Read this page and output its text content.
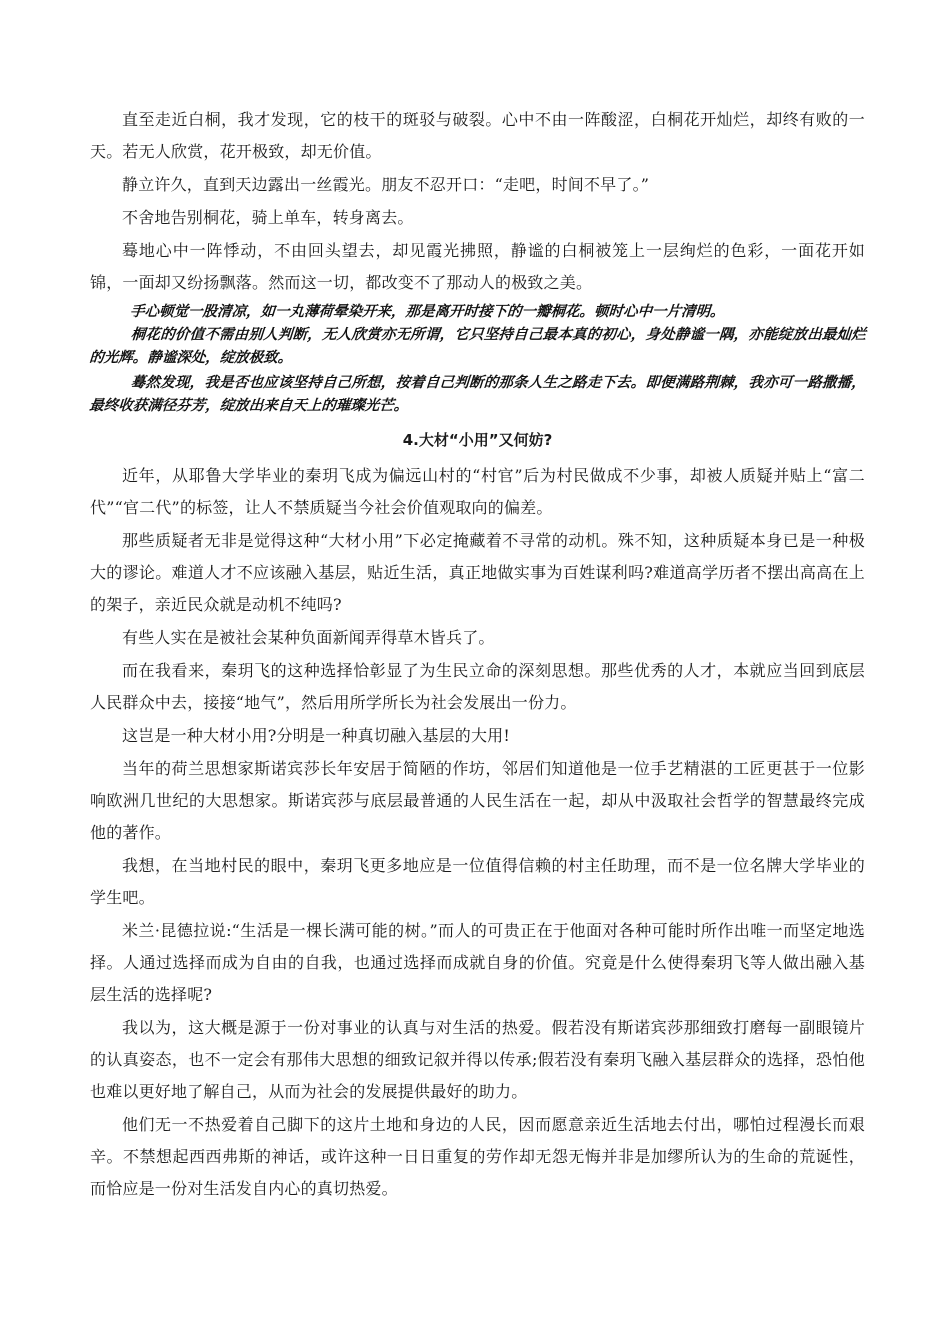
直至走近白桐，我才发现，它的枝干的斑驳与破裂。心中不由一阵酸涩，白桐花开灿烂，却终有败的一天。若无人欣赏，花开极致，却无价值。

静立许久，直到天边露出一丝霞光。朋友不忍开口：“走吧，时间不早了。”

不舍地告别桐花，骑上单车，转身离去。

蓦地心中一阵悸动，不由回头望去，却见霞光拂照，静谧的白桐被笼上一层绚烂的色彩，一面花开如锦，一面却又纷扬飘落。然而这一切，都改变不了那动人的极致之美。

手心顿觉一股清凉，如一丸薄荷晕染开来，那是离开时接下的一瓣桐花。顿时心中一片清明。

桐花的价值不需由别人判断，无人欣赏亦无所谓，它只坚持自己最本真的初心，身处静谧一隅，亦能绽放出最灿烂的光辉。静谧深处，绽放极致。

蓦然发现，我是否也应该坚持自己所想，按着自己判断的那条人生之路走下去。即便满路荆棘，我亦可一路撒播，最终收获满径芬芳，绽放出来自天上的璀璨光芒。

4.大材“小用”又何妨?

近年，从耶鲁大学毕业的秦玥飞成为偏远山村的“村官”后为村民做成不少事，却被人质疑并贴上“富二代”“官二代”的标签，让人不禁质疑当今社会价值观取向的偏差。

那些质疑者无非是觉得这种“大材小用”下必定掩藏着不寻常的动机。殊不知，这种质疑本身已是一种极大的谬论。难道人才不应该融入基层，贴近生活，真正地做实事为百姓谋利吗?难道高学历者不摆出高高在上的架子，亲近民众就是动机不纯吗?

有些人实在是被社会某种负面新闻弄得草木皆兵了。

而在我看来，秦玥飞的这种选择恰彰显了为生民立命的深刻思想。那些优秀的人才，本就应当回到底层人民群众中去，接接“地气”，然后用所学所长为社会发展出一份力。

这岂是一种大材小用?分明是一种真切融入基层的大用!

当年的荷兰思想家斯诺宾莎长年安居于简陋的作坊，邻居们知道他是一位手艺精湛的工匠更甚于一位影响欧洲几世纪的大思想家。斯诺宾莎与底层最普通的人民生活在一起，却从中汲取社会哲学的智慧最终完成他的著作。

我想，在当地村民的眼中，秦玥飞更多地应是一位值得信赖的村主任助理，而不是一位名牌大学毕业的学生吧。

米兰·昆德拉说:“生活是一棵长满可能的树。”而人的可贵正在于他面对各种可能时所作出唯一而坚定地选择。人通过选择而成为自由的自我，也通过选择而成就自身的价值。究竟是什么使得秦玥飞等人做出融入基层生活的选择呢?

我以为，这大概是源于一份对事业的认真与对生活的热爱。假若没有斯诺宾莎那细致打磨每一副眼镜片的认真姿态，也不一定会有那伟大思想的细致记叙并得以传承;假若没有秦玥飞融入基层群众的选择，恐怕他也难以更好地了解自己，从而为社会的发展提供最好的助力。

他们无一不热爱着自己脚下的这片土地和身边的人民，因而愿意亲近生活地去付出，哪怕过程漫长而艰辛。不禁想起西西弗斯的神话，或许这种一日日重复的劳作却无怨无悔并非是加缪所认为的生命的荒诞性，而恰应是一份对生活发自内心的真切热爱。
